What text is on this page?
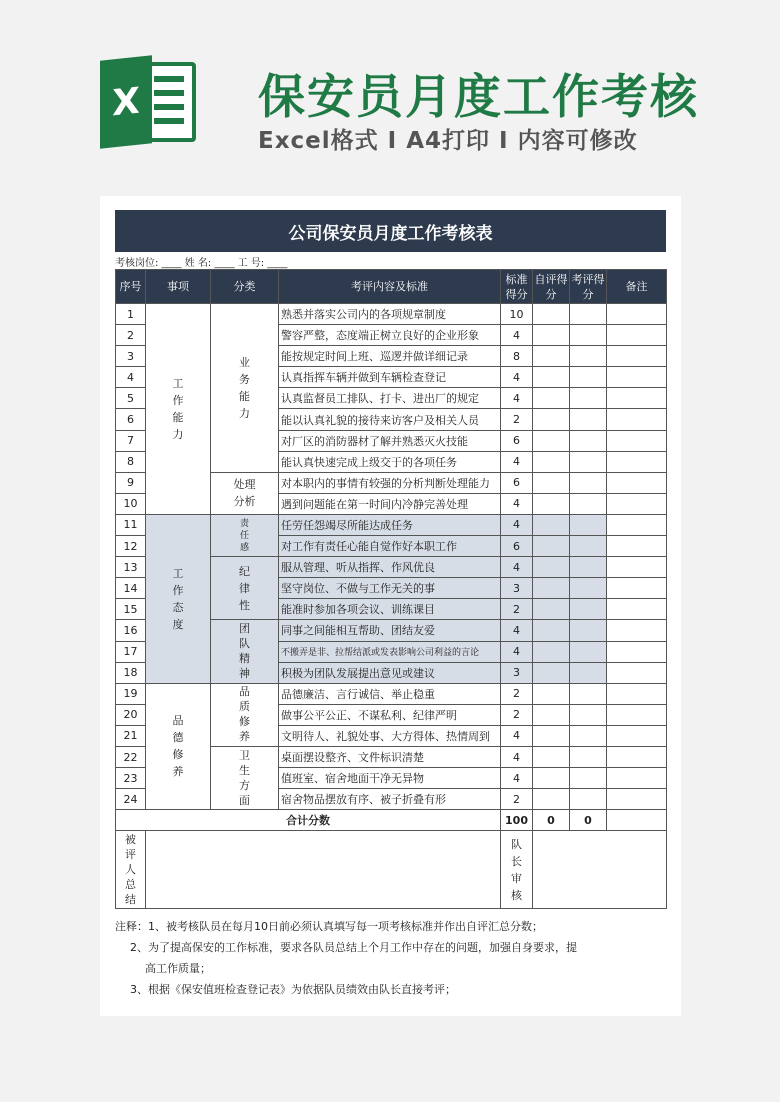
X	保安员月度工作考核
Excel格式 I A4打印 I 内容可修改
公司保安员月度工作考核表
考核岗位: ____ 姓 名: ____ 工 号: ____
序号	事项	分类	考评内容及标准	标准得分	自评得分	考评得分	备注
1	工作能力	业务能力	熟悉并落实公司内的各项规章制度	10			
2			警容严整，态度端正树立良好的企业形象	4			
3			能按规定时间上班、巡逻并做详细记录	8			
4			认真指挥车辆并做到车辆检查登记	4			
5			认真监督员工排队、打卡、进出厂的规定	4			
6			能以认真礼貌的接待来访客户及相关人员	2			
7			对厂区的消防器材了解并熟悉灭火技能	6			
8			能认真快速完成上级交于的各项任务	4			
9		处理分析	对本职内的事情有较强的分析判断处理能力	6			
10			遇到问题能在第一时间内冷静完善处理	4			
11	工作态度	责任感	任劳任怨竭尽所能达成任务	4			
12			对工作有责任心能自觉作好本职工作	6			
13		纪律性	服从管理、听从指挥、作风优良	4			
14			坚守岗位、不做与工作无关的事	3			
15			能准时参加各项会议、训练课目	2			
16		团队精神	同事之间能相互帮助、团结友爱	4			
17			不搬弄是非、拉帮结派或发表影响公司利益的言论	4			
18			积极为团队发展提出意见或建议	3			
19	品德修养	品质修养	品德廉洁、言行诚信、举止稳重	2			
20			做事公平公正、不谋私利、纪律严明	2			
21			文明待人、礼貌处事、大方得体、热情周到	4			
22		卫生方面	桌面摆设整齐、文件标识清楚	4			
23			值班室、宿舍地面干净无异物	4			
24			宿舍物品摆放有序、被子折叠有形	2			
合计分数				100	0	0	
被评人总结				队长审核			
注释：1、被考核队员在每月10日前必须认真填写每一项考核标准并作出自评汇总分数；
2、为了提高保安的工作标准，要求各队员总结上个月工作中存在的问题，加强自身要求，提
高工作质量；
3、根据《保安值班检查登记表》为依据队员绩效由队长直接考评；
